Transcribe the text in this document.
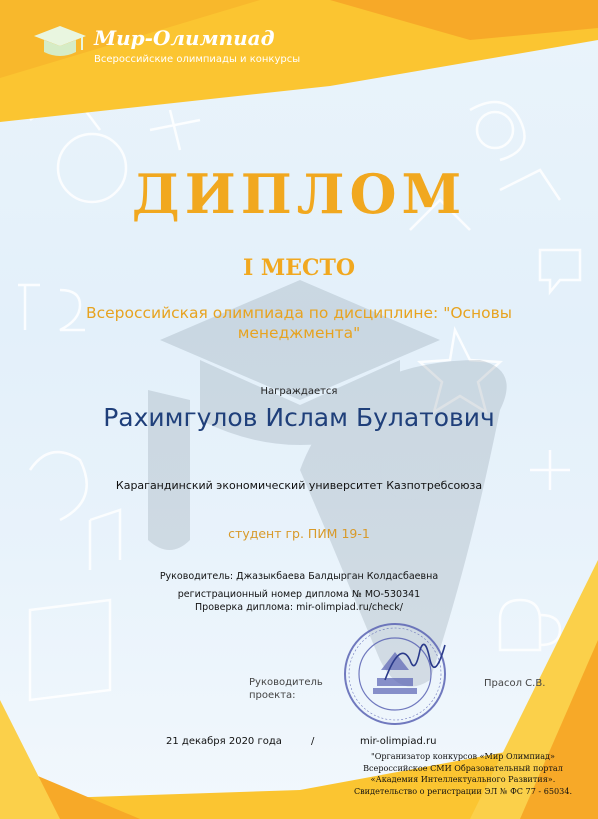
Мир-Олимпиад
Всероссийские олимпиады и конкурсы
ДИПЛОМ
I МЕСТО
Всероссийская олимпиада по дисциплине: "Основы менеджмента"
Награждается
Рахимгулов Ислам Булатович
Карагандинский экономический университет Казпотребсоюза
студент гр. ПИМ 19-1
Руководитель: Джазыкбаева Балдырган Колдасбаевна
регистрационный номер диплома № МО-530341
Проверка диплома: mir-olimpiad.ru/check/
Руководитель
проекта:
Прасол С.В.
21 декабря 2020 года	/	mir-olimpiad.ru
"Организатор конкурсов «Мир Олимпиад»
Всероссийское СМИ Образовательный портал
«Академия Интеллектуального Развития».
Свидетельство о регистрации ЭЛ № ФС 77 - 65034.
